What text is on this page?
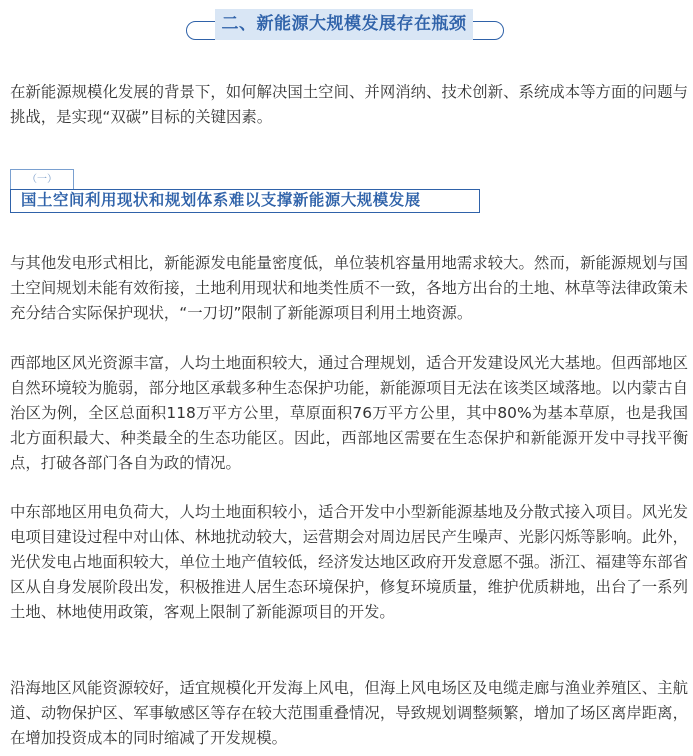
二、新能源大规模发展存在瓶颈

在新能源规模化发展的背景下，如何解决国土空间、并网消纳、技术创新、系统成本等方面的问题与挑战，是实现“双碳”目标的关键因素。

（一）
国土空间利用现状和规划体系难以支撑新能源大规模发展

与其他发电形式相比，新能源发电能量密度低，单位装机容量用地需求较大。然而，新能源规划与国土空间规划未能有效衔接，土地利用现状和地类性质不一致，各地方出台的土地、林草等法律政策未充分结合实际保护现状，“一刀切”限制了新能源项目利用土地资源。

西部地区风光资源丰富，人均土地面积较大，通过合理规划，适合开发建设风光大基地。但西部地区自然环境较为脆弱，部分地区承载多种生态保护功能，新能源项目无法在该类区域落地。以内蒙古自治区为例，全区总面积118万平方公里，草原面积76万平方公里，其中80%为基本草原，也是我国北方面积最大、种类最全的生态功能区。因此，西部地区需要在生态保护和新能源开发中寻找平衡点，打破各部门各自为政的情况。

中东部地区用电负荷大，人均土地面积较小，适合开发中小型新能源基地及分散式接入项目。风光发电项目建设过程中对山体、林地扰动较大，运营期会对周边居民产生噪声、光影闪烁等影响。此外，光伏发电占地面积较大，单位土地产值较低，经济发达地区政府开发意愿不强。浙江、福建等东部省区从自身发展阶段出发，积极推进人居生态环境保护，修复环境质量，维护优质耕地，出台了一系列土地、林地使用政策，客观上限制了新能源项目的开发。

沿海地区风能资源较好，适宜规模化开发海上风电，但海上风电场区及电缆走廊与渔业养殖区、主航道、动物保护区、军事敏感区等存在较大范围重叠情况，导致规划调整频繁，增加了场区离岸距离，在增加投资成本的同时缩减了开发规模。
